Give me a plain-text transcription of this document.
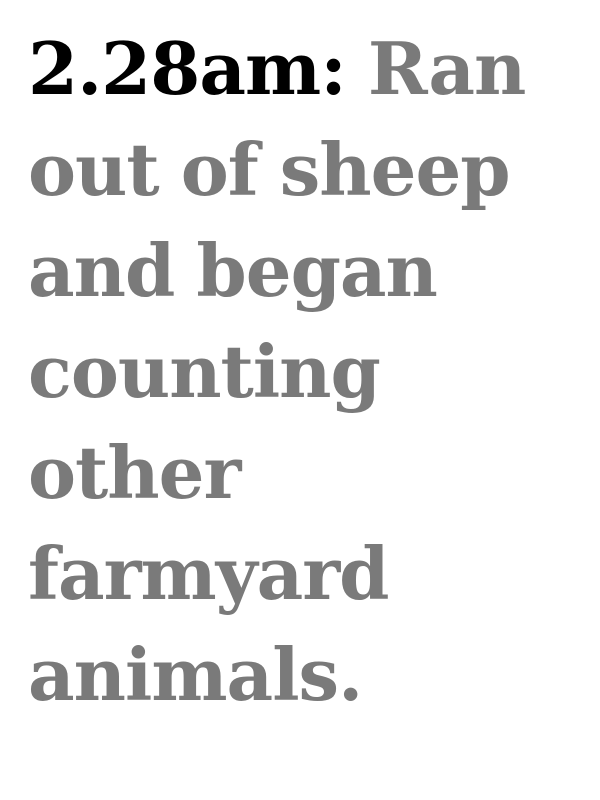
2.28am: Ran out of sheep and began counting other farmyard animals.
